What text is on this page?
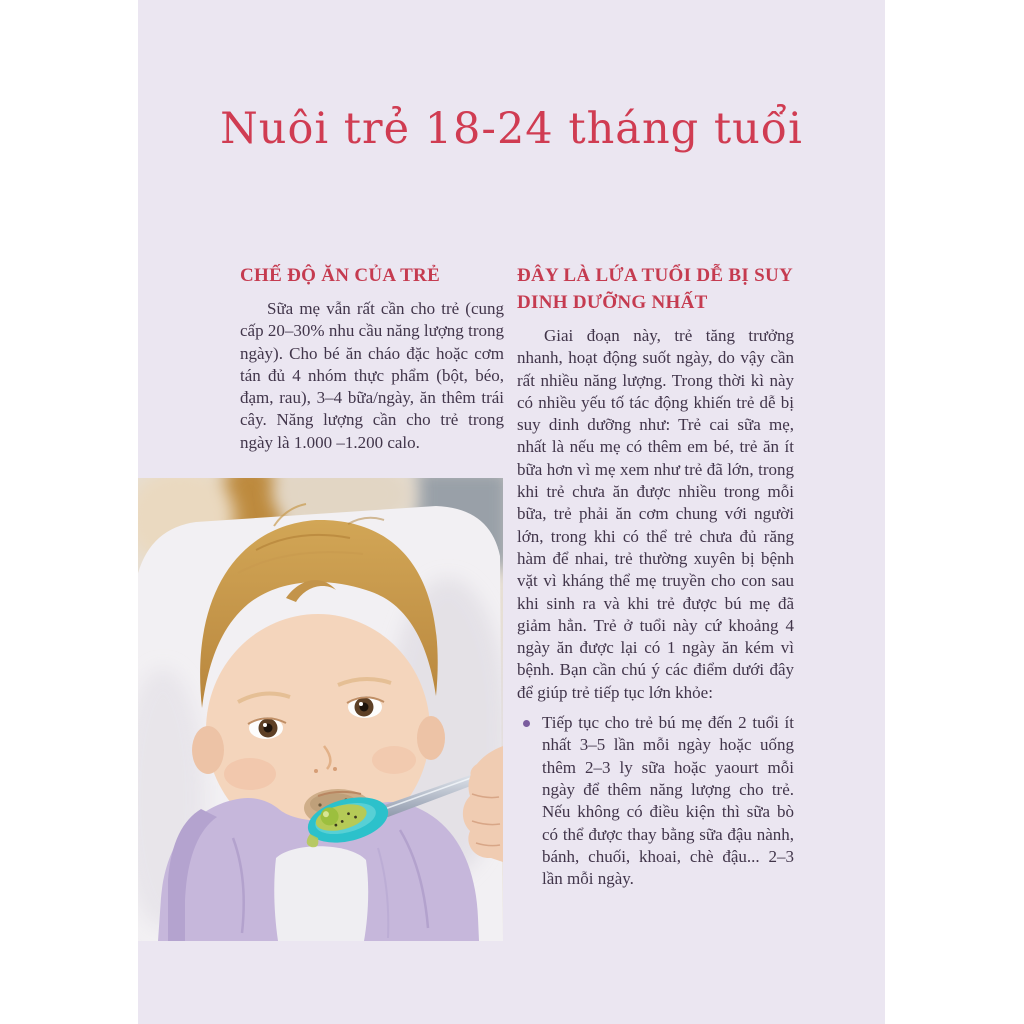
Nuôi trẻ 18-24 tháng tuổi
CHẾ ĐỘ ĂN CỦA TRẺ

Sữa mẹ vẫn rất cần cho trẻ (cung cấp 20–30% nhu cầu năng lượng trong ngày). Cho bé ăn cháo đặc hoặc cơm tán đủ 4 nhóm thực phẩm (bột, béo, đạm, rau), 3–4 bữa/ngày, ăn thêm trái cây. Năng lượng cần cho trẻ trong ngày là 1.000 –1.200 calo.

ĐÂY LÀ LỨA TUỔI DỄ BỊ SUY DINH DƯỠNG NHẤT

Giai đoạn này, trẻ tăng trưởng nhanh, hoạt động suốt ngày, do vậy cần rất nhiều năng lượng. Trong thời kì này có nhiều yếu tố tác động khiến trẻ dễ bị suy dinh dưỡng như: Trẻ cai sữa mẹ, nhất là nếu mẹ có thêm em bé, trẻ ăn ít bữa hơn vì mẹ xem như trẻ đã lớn, trong khi trẻ chưa ăn được nhiều trong mỗi bữa, trẻ phải ăn cơm chung với người lớn, trong khi có thể trẻ chưa đủ răng hàm để nhai, trẻ thường xuyên bị bệnh vặt vì kháng thể mẹ truyền cho con sau khi sinh ra và khi trẻ được bú mẹ đã giảm hẳn. Trẻ ở tuổi này cứ khoảng 4 ngày ăn được lại có 1 ngày ăn kém vì bệnh. Bạn cần chú ý các điểm dưới đây để giúp trẻ tiếp tục lớn khỏe:

Tiếp tục cho trẻ bú mẹ đến 2 tuổi ít nhất 3–5 lần mỗi ngày hoặc uống thêm 2–3 ly sữa hoặc yaourt mỗi ngày để thêm năng lượng cho trẻ. Nếu không có điều kiện thì sữa bò có thể được thay bằng sữa đậu nành, bánh, chuối, khoai, chè đậu... 2–3 lần mỗi ngày.
